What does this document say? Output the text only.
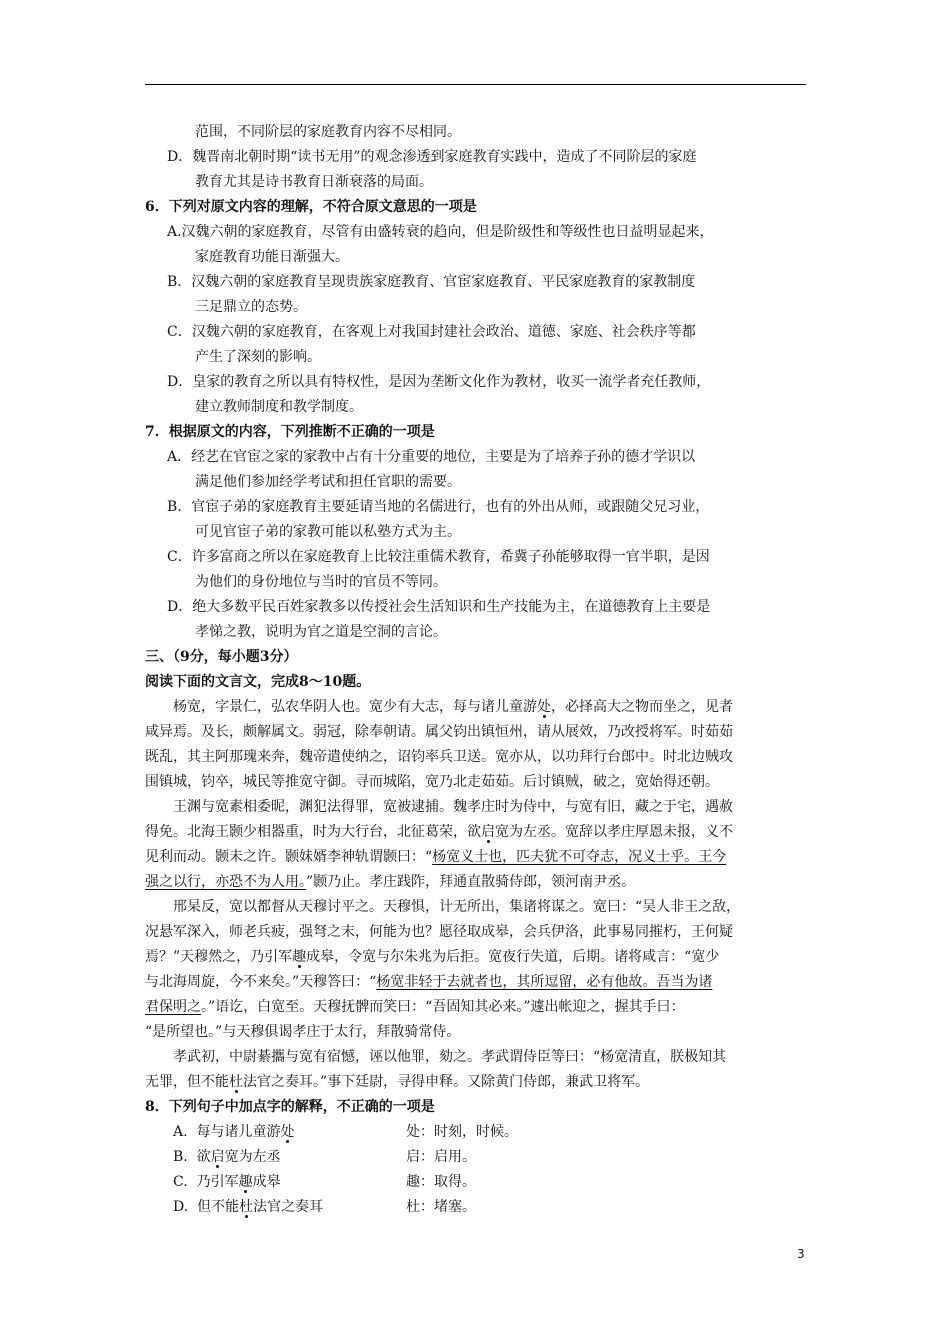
范围，不同阶层的家庭教育内容不尽相同。
D．魏晋南北朝时期“读书无用”的观念渗透到家庭教育实践中，造成了不同阶层的家庭
教育尤其是诗书教育日渐衰落的局面。
6．下列对原文内容的理解，不符合原文意思的一项是
A.汉魏六朝的家庭教育，尽管有由盛转衰的趋向，但是阶级性和等级性也日益明显起来，
家庭教育功能日渐强大。
B．汉魏六朝的家庭教育呈现贵族家庭教育、官宦家庭教育、平民家庭教育的家教制度
三足鼎立的态势。
C．汉魏六朝的家庭教育，在客观上对我国封建社会政治、道德、家庭、社会秩序等都
产生了深刻的影响。
D．皇家的教育之所以具有特权性，是因为垄断文化作为教材，收买一流学者充任教师，
建立教师制度和教学制度。
7．根据原文的内容，下列推断不正确的一项是
A．经艺在官宦之家的家教中占有十分重要的地位，主要是为了培养子孙的德才学识以
满足他们参加经学考试和担任官职的需要。
B．官宦子弟的家庭教育主要延请当地的名儒进行，也有的外出从师，或跟随父兄习业，
可见官宦子弟的家教可能以私塾方式为主。
C．许多富商之所以在家庭教育上比较注重儒术教育，希冀子孙能够取得一官半职，是因
为他们的身份地位与当时的官员不等同。
D．绝大多数平民百姓家教多以传授社会生活知识和生产技能为主，在道德教育上主要是
孝悌之教，说明为官之道是空洞的言论。
三、（9分，每小题3分）
阅读下面的文言文，完成8～10题。
杨宽，字景仁，弘农华阴人也。宽少有大志，每与诸儿童游处，必择高大之物而坐之，见者
咸异焉。及长，颇解属文。弱冠，除奉朝请。属父钧出镇恒州，请从展效，乃改授将军。时茹茹
既乱，其主阿那瑰来奔，魏帝遣使纳之，诏钧率兵卫送。宽亦从，以功拜行台郎中。时北边贼攻
围镇城，钧卒，城民等推宽守御。寻而城陷，宽乃北走茹茹。后讨镇贼，破之，宽始得还朝。
王渊与宽素相委昵，渊犯法得罪，宽被逮捕。魏孝庄时为侍中，与宽有旧，藏之于宅，遇赦
得免。北海王颢少相器重，时为大行台，北征葛荣，欲启宽为左丞。宽辞以孝庄厚恩未报，义不
见利而动。颢未之许。颢妹婿李神轨谓颢曰：“杨宽义士也，匹夫犹不可夺志，况义士乎。王今
强之以行，亦恐不为人用。”颢乃止。孝庄践阼，拜通直散骑侍郎，领河南尹丞。
邢杲反，宽以都督从天穆讨平之。天穆惧，计无所出，集诸将谋之。宽曰：“吴人非王之敌，
况悬军深入，师老兵疲，强弩之末，何能为也？愿径取成皋，会兵伊洛，此事易同摧朽，王何疑
焉？”天穆然之，乃引军趣成皋，令宽与尔朱兆为后拒。宽夜行失道，后期。诸将咸言：“宽少
与北海周旋，今不来矣。”天穆答曰：“杨宽非轻于去就者也，其所逗留，必有他故。吾当为诸
君保明之。”语讫，白宽至。天穆抚髀而笑曰：“吾固知其必来。”遽出帐迎之，握其手曰：
“是所望也。”与天穆俱谒孝庄于太行，拜散骑常侍。
孝武初，中尉綦攜与宽有宿憾，诬以他罪，劾之。孝武谓侍臣等曰：“杨宽清直，朕极知其
无罪，但不能杜法官之奏耳。”事下廷尉，寻得申释。又除黄门侍郎，兼武卫将军。
8．下列句子中加点字的解释，不正确的一项是
A. 每与诸儿童游处	处：时刻，时候。
B. 欲启宽为左丞	启：启用。
C. 乃引军趣成皋	趣：取得。
D. 但不能杜法官之奏耳	杜：堵塞。
3
